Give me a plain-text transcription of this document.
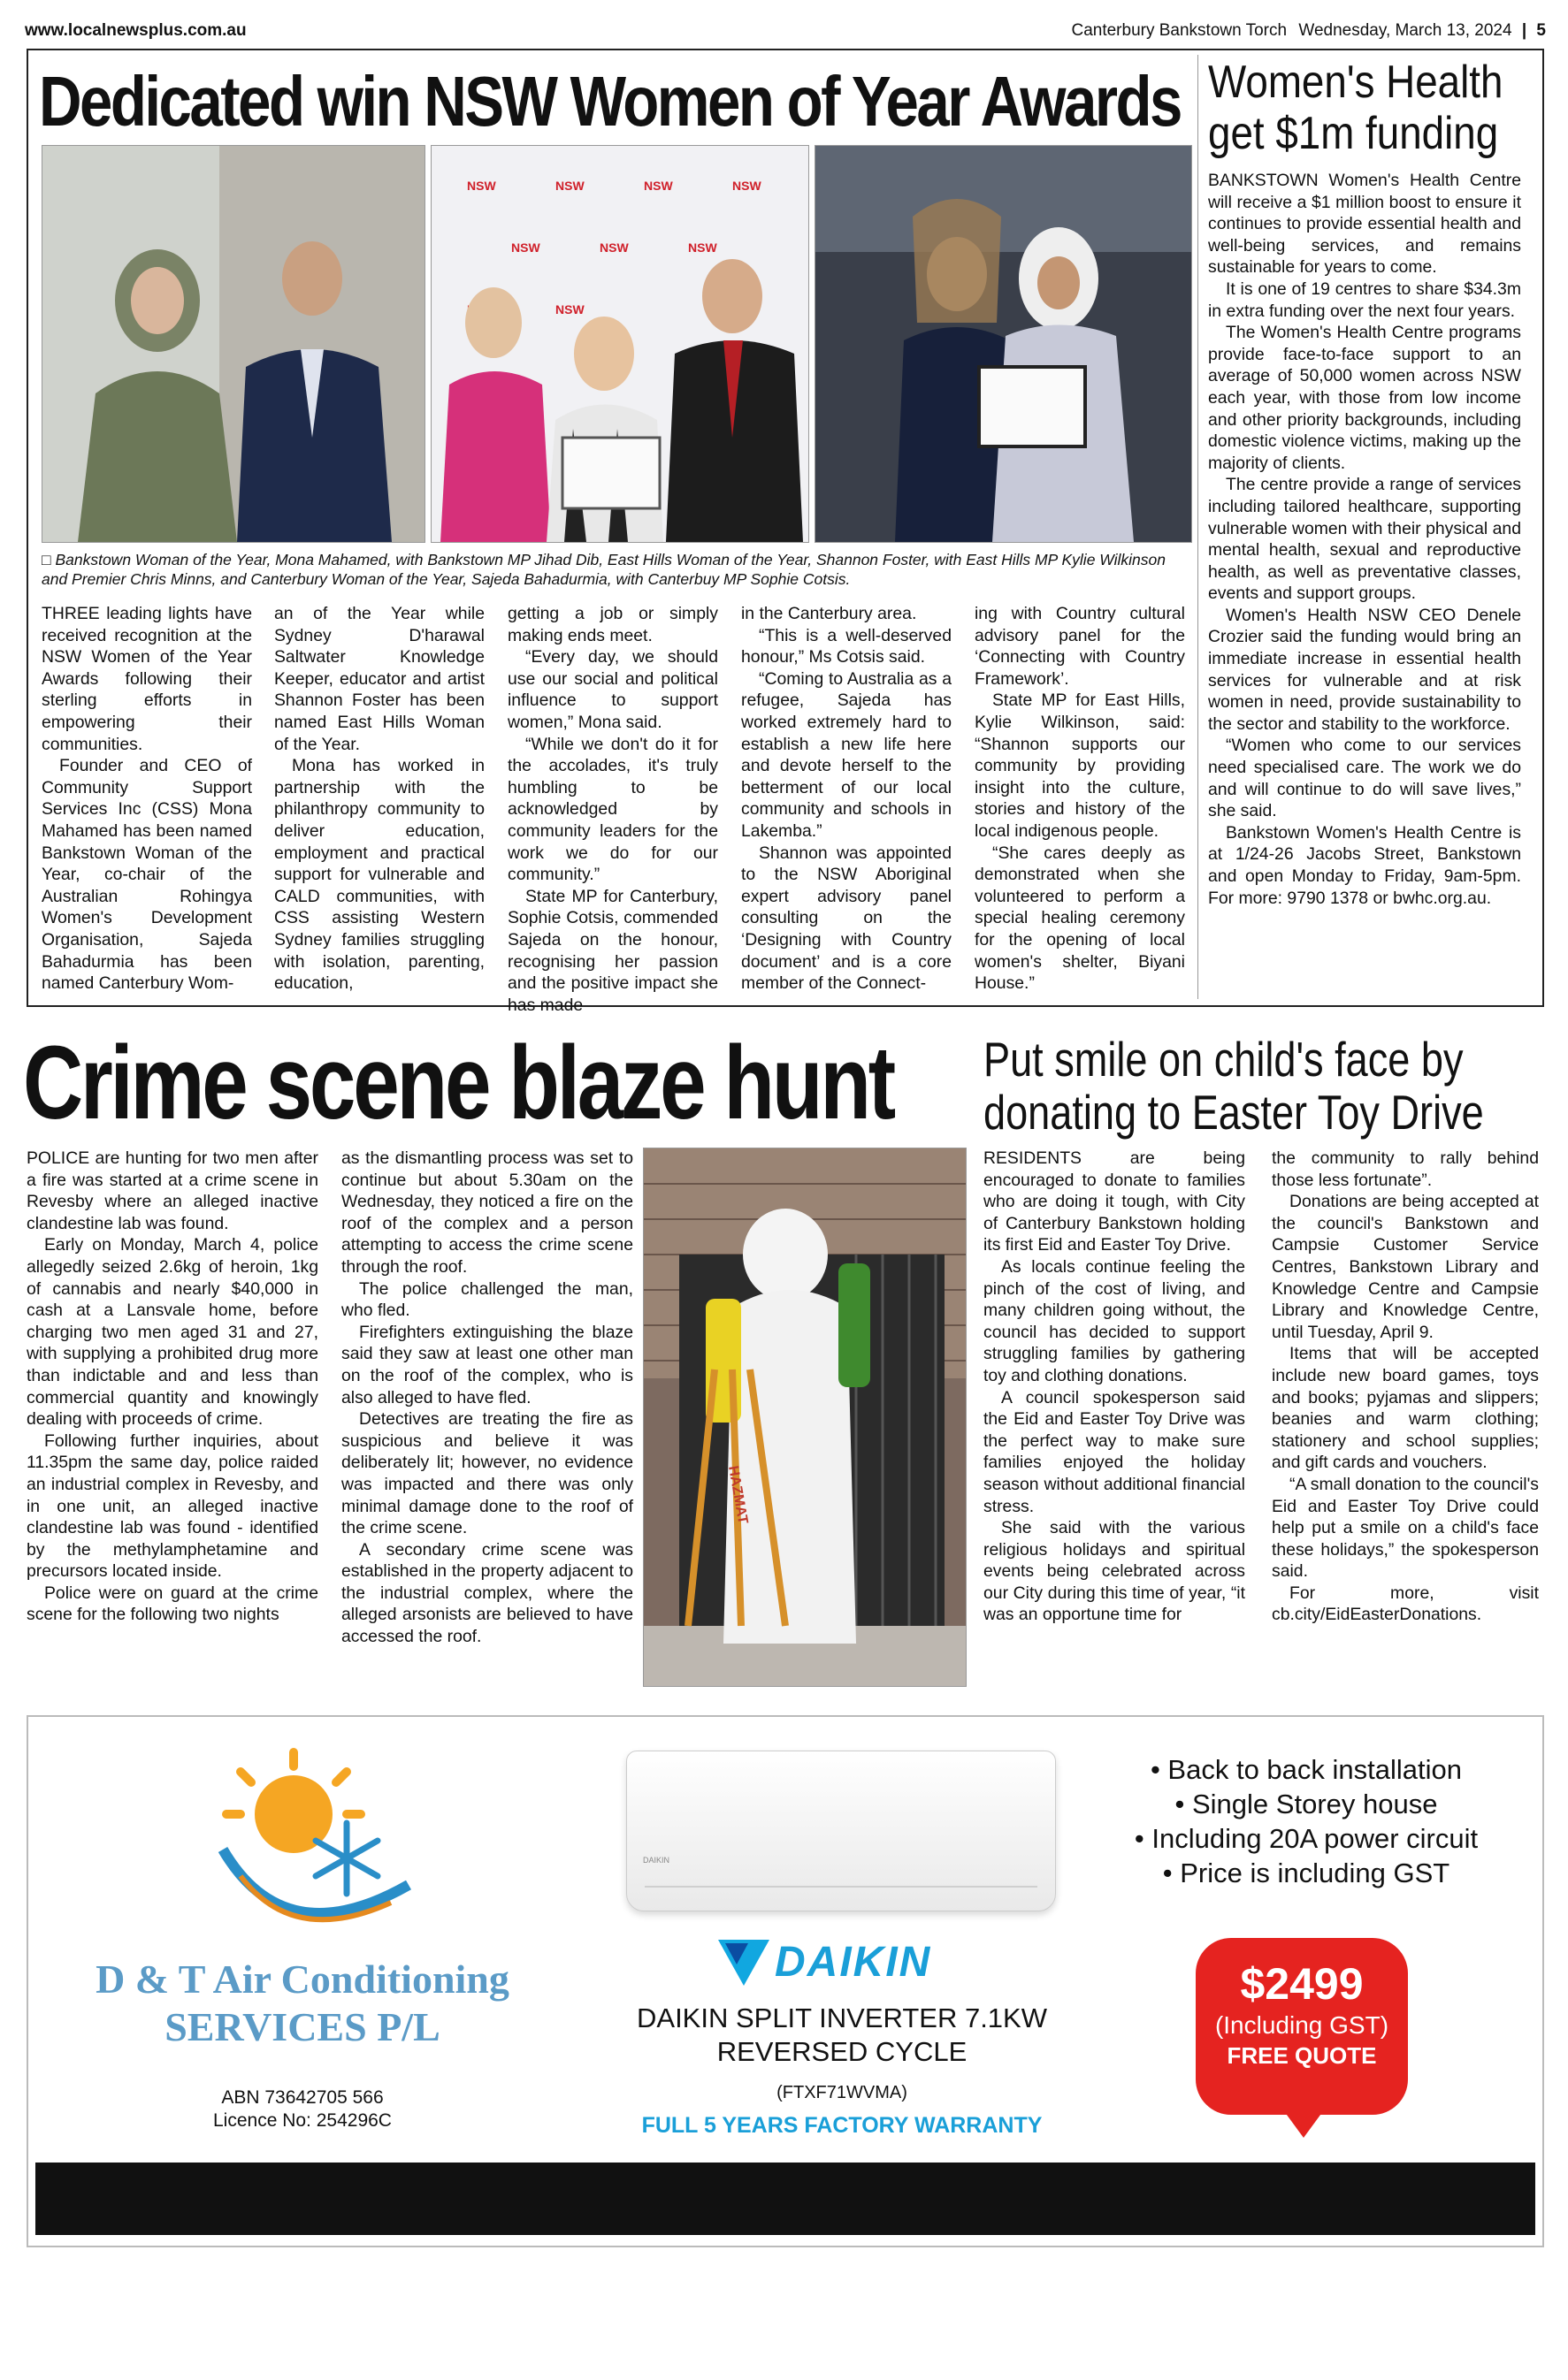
www.localnewsplus.com.au	Canterbury Bankstown Torch Wednesday, March 13, 2024 | 5
Dedicated win NSW Women of Year Awards
NSW	NSW	NSW	NSW
NSW	NSW	NSW
NSW
□ Bankstown Woman of the Year, Mona Mahamed, with Bankstown MP Jihad Dib, East Hills Woman of the Year, Shannon Foster, with East Hills MP Kylie Wilkinson and Premier Chris Minns, and Canterbury Woman of the Year, Sajeda Bahadurmia, with Canterbuy MP Sophie Cotsis.

THREE leading lights have received recognition at the NSW Women of the Year Awards following their sterling efforts in empowering their communities.

Founder and CEO of Community Support Services Inc (CSS) Mona Mahamed has been named Bankstown Woman of the Year, co-chair of the Australian Rohingya Women's Development Organisation, Sajeda Bahadurmia has been named Canterbury Wom-

an of the Year while Sydney D'harawal Saltwater Knowledge Keeper, educator and artist Shannon Foster has been named East Hills Woman of the Year.

Mona has worked in partnership with the philanthropy community to deliver education, employment and practical support for vulnerable and CALD communities, with CSS assisting Western Sydney families struggling with isolation, parenting, education,

getting a job or simply making ends meet.

“Every day, we should use our social and political influence to support women,” Mona said.

“While we don't do it for the accolades, it's truly humbling to be acknowledged by community leaders for the work we do for our community.”

State MP for Canterbury, Sophie Cotsis, commended Sajeda on the honour, recognising her passion and the positive impact she has made

in the Canterbury area.

“This is a well-deserved honour,” Ms Cotsis said.

“Coming to Australia as a refugee, Sajeda has worked extremely hard to establish a new life here and devote herself to the betterment of our local community and schools in Lakemba.”

Shannon was appointed to the NSW Aboriginal expert advisory panel consulting on the ‘Designing with Country document’ and is a core member of the Connect-

ing with Country cultural advisory panel for the ‘Connecting with Country Framework’.

State MP for East Hills, Kylie Wilkinson, said: “Shannon supports our community by providing insight into the culture, stories and history of the local indigenous people.

“She cares deeply as demonstrated when she volunteered to perform a special healing ceremony for the opening of local women's shelter, Biyani House.”

Women's Health
get $1m funding

BANKSTOWN Women's Health Centre will receive a $1 million boost to ensure it continues to provide essential health and well-being services, and remains sustainable for years to come.

It is one of 19 centres to share $34.3m in extra funding over the next four years.

The Women's Health Centre programs provide face-to-face support to an average of 50,000 women across NSW each year, with those from low income and other priority backgrounds, including domestic violence victims, making up the majority of clients.

The centre provide a range of services including tailored healthcare, supporting vulnerable women with their physical and mental health, sexual and reproductive health, as well as preventative classes, events and support groups.

Women's Health NSW CEO Denele Crozier said the funding would bring an immediate increase in essential health services for vulnerable and at risk women in need, provide sustainability to the sector and stability to the workforce.

“Women who come to our services need specialised care. The work we do and will continue to do will save lives,” she said.

Bankstown Women's Health Centre is at 1/24-26 Jacobs Street, Bankstown and open Monday to Friday, 9am-5pm. For more: 9790 1378 or bwhc.org.au.

Crime scene blaze hunt

POLICE are hunting for two men after a fire was started at a crime scene in Revesby where an alleged inactive clandestine lab was found.

Early on Monday, March 4, police allegedly seized 2.6kg of heroin, 1kg of cannabis and nearly $40,000 in cash at a Lansvale home, before charging two men aged 31 and 27, with supplying a prohibited drug more than indictable and and less than commercial quantity and knowingly dealing with proceeds of crime.

Following further inquiries, about 11.35pm the same day, police raided an industrial complex in Revesby, and in one unit, an alleged inactive clandestine lab was found - identified by the methylamphetamine and precursors located inside.

Police were on guard at the crime scene for the following two nights

as the dismantling process was set to continue but about 5.30am on the Wednesday, they noticed a fire on the roof of the complex and a person attempting to access the crime scene through the roof.

The police challenged the man, who fled.

Firefighters extinguishing the blaze said they saw at least one other man on the roof of the complex, who is also alleged to have fled.

Detectives are treating the fire as suspicious and believe it was deliberately lit; however, no evidence was impacted and there was only minimal damage done to the roof of the crime scene.

A secondary crime scene was established in the property adjacent to the industrial complex, where the alleged arsonists are believed to have accessed the roof.

HAZMAT
Put smile on child's face by
donating to Easter Toy Drive

RESIDENTS are being encouraged to donate to families who are doing it tough, with City of Canterbury Bankstown holding its first Eid and Easter Toy Drive.

As locals continue feeling the pinch of the cost of living, and many children going without, the council has decided to support struggling families by gathering toy and clothing donations.

A council spokesperson said the Eid and Easter Toy Drive was the perfect way to make sure families enjoyed the holiday season without additional financial stress.

She said with the various religious holidays and spiritual events being celebrated across our City during this time of year, “it was an opportune time for

the community to rally behind those less fortunate”.

Donations are being accepted at the council's Bankstown and Campsie Customer Service Centres, Bankstown Library and Knowledge Centre and Campsie Library and Knowledge Centre, until Tuesday, April 9.

Items that will be accepted include new board games, toys and books; pyjamas and slippers; beanies and warm clothing; stationery and school supplies; and gift cards and vouchers.

“A small donation to the council's Eid and Easter Toy Drive could help put a smile on a child's face these holidays,” the spokesperson said.

For more, visit cb.city/EidEasterDonations.

D & T Air Conditioning
SERVICES P/L
ABN 73642705 566
Licence No: 254296C
DAIKIN
DAIKIN
DAIKIN SPLIT INVERTER 7.1KW
REVERSED CYCLE
(FTXF71WVMA)
FULL 5 YEARS FACTORY WARRANTY
• Back to back installation
• Single Storey house
• Including 20A power circuit
• Price is including GST
$2499
(Including GST)
FREE QUOTE

Sales - Service and Installation   -   Domestic & Commercial   I  Mobile: 0472 840 846   I  Email address: dtairsales@gmail.com
